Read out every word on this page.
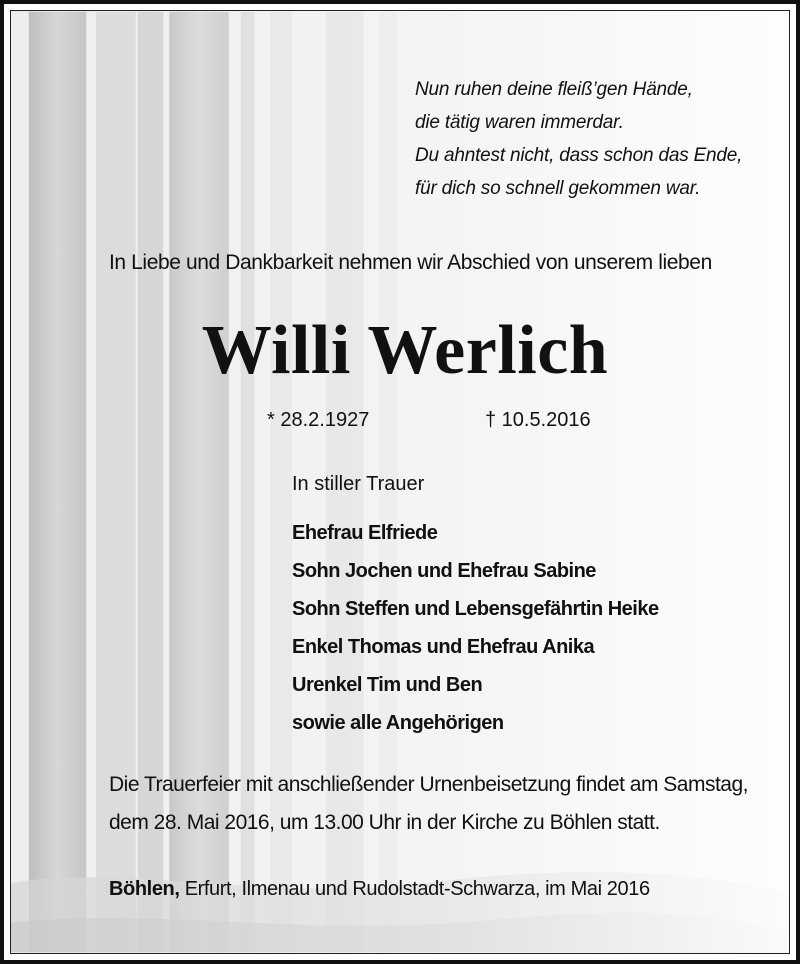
Nun ruhen deine fleiß’gen Hände,
die tätig waren immerdar.
Du ahntest nicht, dass schon das Ende,
für dich so schnell gekommen war.
In Liebe und Dankbarkeit nehmen wir Abschied von unserem lieben
Willi Werlich
* 28.2.1927	† 10.5.2016
In stiller Trauer
Ehefrau Elfriede
Sohn Jochen und Ehefrau Sabine
Sohn Steffen und Lebensgefährtin Heike
Enkel Thomas und Ehefrau Anika
Urenkel Tim und Ben
sowie alle Angehörigen
Die Trauerfeier mit anschließender Urnenbeisetzung findet am Samstag,
dem 28. Mai 2016, um 13.00 Uhr in der Kirche zu Böhlen statt.
Böhlen, Erfurt, Ilmenau und Rudolstadt-Schwarza, im Mai 2016
